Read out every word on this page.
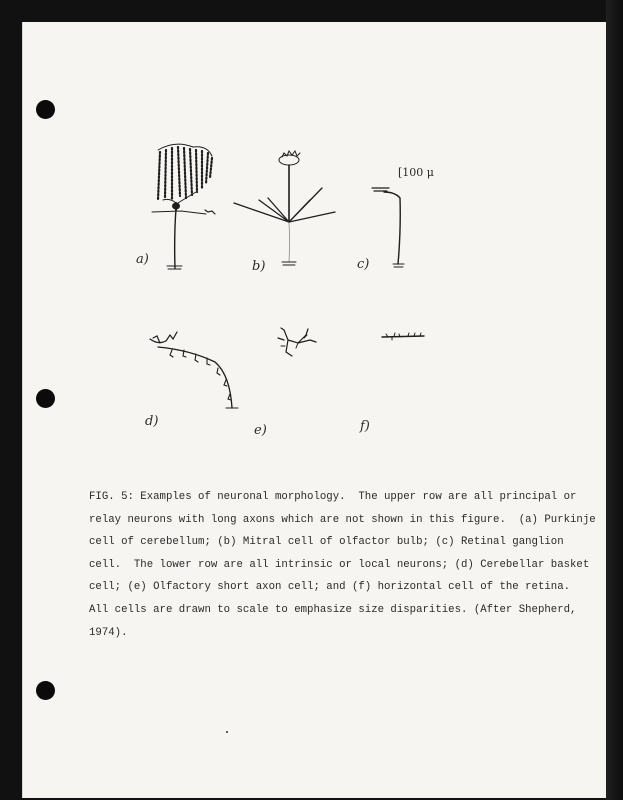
[100 μ
a)	b)	c)
d)
e)	f)
FIG. 5: Examples of neuronal morphology.  The upper row are all principal or
relay neurons with long axons which are not shown in this figure.  (a) Purkinje
cell of cerebellum; (b) Mitral cell of olfactor bulb; (c) Retinal ganglion
cell.  The lower row are all intrinsic or local neurons; (d) Cerebellar basket
cell; (e) Olfactory short axon cell; and (f) horizontal cell of the retina.
All cells are drawn to scale to emphasize size disparities. (After Shepherd,
1974).
